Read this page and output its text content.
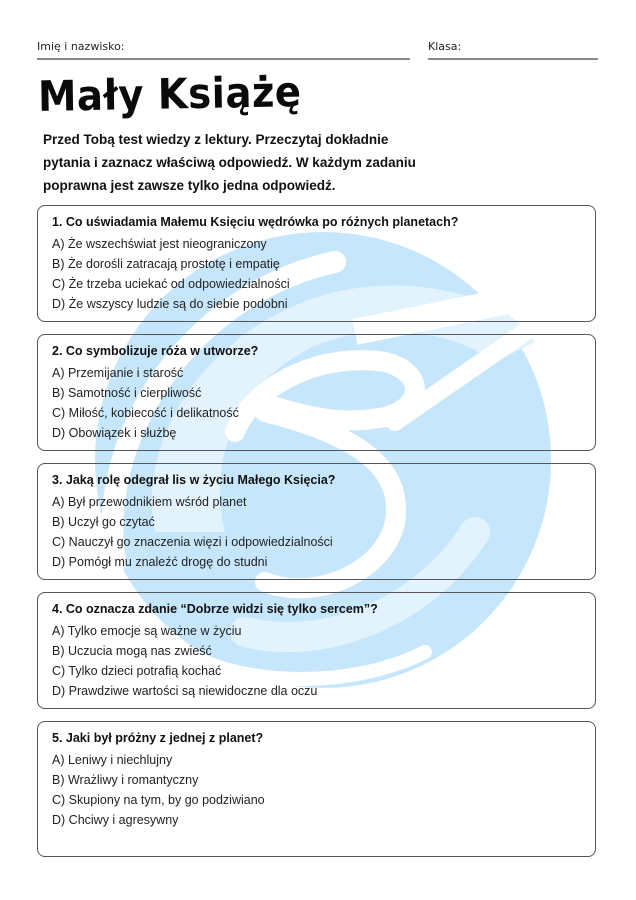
Imię i nazwisko:	Klasa:
Mały Książę
Przed Tobą test wiedzy z lektury. Przeczytaj dokładnie pytania i zaznacz właściwą odpowiedź. W każdym zadaniu poprawna jest zawsze tylko jedna odpowiedź.
1. Co uświadamia Małemu Księciu wędrówka po różnych planetach?
A) Że wszechświat jest nieograniczony
B) Że dorośli zatracają prostotę i empatię
C) Że trzeba uciekać od odpowiedzialności
D) Że wszyscy ludzie są do siebie podobni
2. Co symbolizuje róża w utworze?
A) Przemijanie i starość
B) Samotność i cierpliwość
C) Miłość, kobiecość i delikatność
D) Obowiązek i służbę
3. Jaką rolę odegrał lis w życiu Małego Księcia?
A) Był przewodnikiem wśród planet
B) Uczył go czytać
C) Nauczył go znaczenia więzi i odpowiedzialności
D) Pomógł mu znaleźć drogę do studni
4. Co oznacza zdanie “Dobrze widzi się tylko sercem”?
A) Tylko emocje są ważne w życiu
B) Uczucia mogą nas zwieść
C) Tylko dzieci potrafią kochać
D) Prawdziwe wartości są niewidoczne dla oczu
5. Jaki był próżny z jednej z planet?
A) Leniwy i niechlujny
B) Wrażliwy i romantyczny
C) Skupiony na tym, by go podziwiano
D) Chciwy i agresywny
